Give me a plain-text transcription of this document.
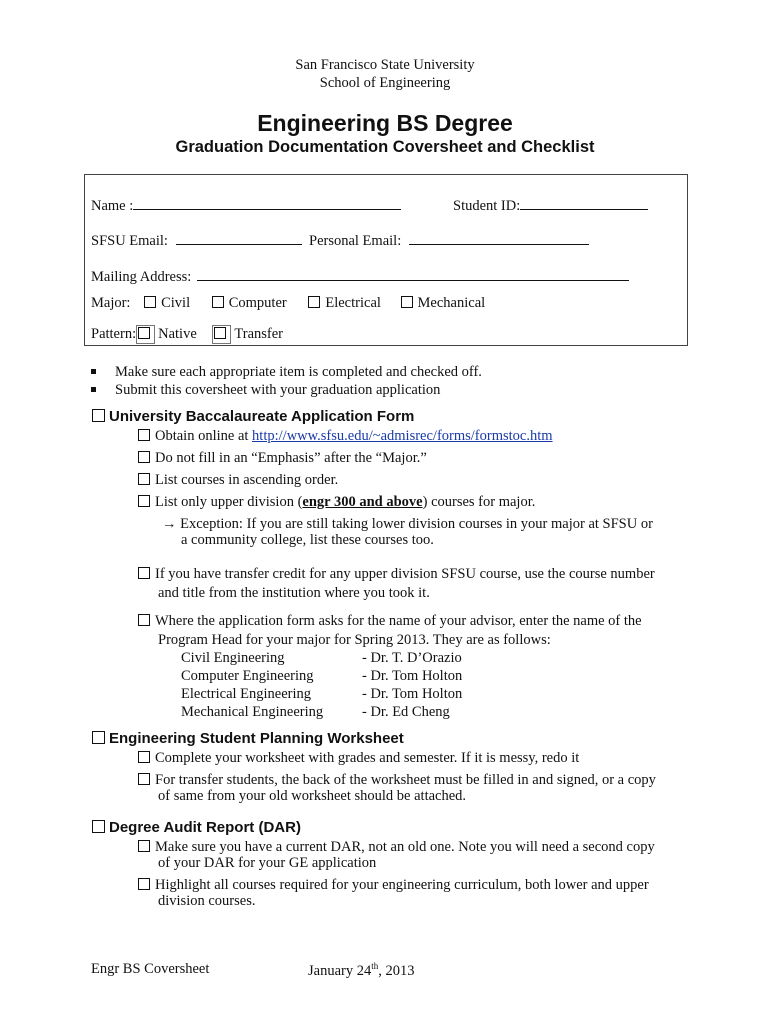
San Francisco State University
School of Engineering
Engineering BS Degree
Graduation Documentation Coversheet and Checklist
Name :	Student ID:
SFSU Email:	Personal Email:
Mailing Address:
Major: Civil	Computer	Electrical	Mechanical
Pattern: Native	Transfer
Make sure each appropriate item is completed and checked off.
Submit this coversheet with your graduation application
University Baccalaureate Application Form
Obtain online at http://www.sfsu.edu/~admisrec/forms/formstoc.htm
Do not fill in an “Emphasis” after the “Major.”
List courses in ascending order.
List only upper division (engr 300 and above) courses for major.
→ Exception: If you are still taking lower division courses in your major at SFSU or
a community college, list these courses too.
If you have transfer credit for any upper division SFSU course, use the course number
and title from the institution where you took it.
Where the application form asks for the name of your advisor, enter the name of the
Program Head for your major for Spring 2013. They are as follows:
Civil Engineering	- Dr. T. D’Orazio
Computer Engineering	- Dr. Tom Holton
Electrical Engineering	- Dr. Tom Holton
Mechanical Engineering	- Dr. Ed Cheng
Engineering Student Planning Worksheet
Complete your worksheet with grades and semester. If it is messy, redo it
For transfer students, the back of the worksheet must be filled in and signed, or a copy
of same from your old worksheet should be attached.
Degree Audit Report (DAR)
Make sure you have a current DAR, not an old one. Note you will need a second copy
of your DAR for your GE application
Highlight all courses required for your engineering curriculum, both lower and upper
division courses.
Engr BS Coversheet	January 24th, 2013
